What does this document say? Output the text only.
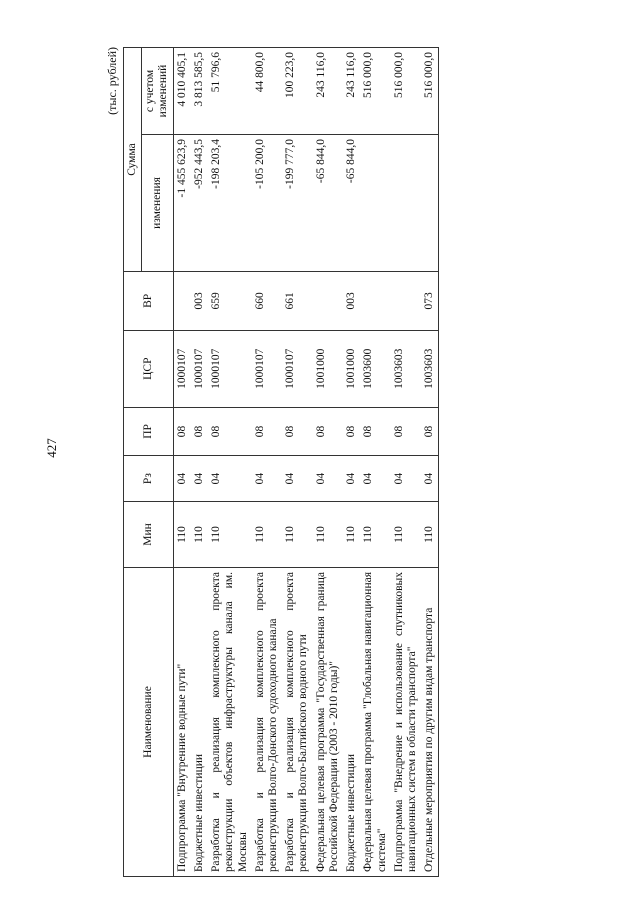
427
(тыс. рублей)
Наименование	Мин	Рз	ПР	ЦСР	ВР	Сумма	
						изменения	с учетом изменений
Подпрограмма "Внутренние водные пути"	110	04	08	1000107		-1 455 623,9	4 010 405,1
Бюджетные инвестиции	110	04	08	1000107	003	-952 443,5	3 813 585,5
Разработка и реализация комплексного проекта реконструкции объектов инфраструктуры канала им. Москвы	110	04	08	1000107	659	-198 203,4	51 796,6
Разработка и реализация комплексного проекта реконструкции Волго-Донского судоходного канала	110	04	08	1000107	660	-105 200,0	44 800,0
Разработка и реализация комплексного проекта реконструкции Волго-Балтийского водного пути	110	04	08	1000107	661	-199 777,0	100 223,0
Федеральная целевая программа "Государственная граница Российской Федерации (2003 - 2010 годы)"	110	04	08	1001000		-65 844,0	243 116,0
Бюджетные инвестиции	110	04	08	1001000	003	-65 844,0	243 116,0
Федеральная целевая программа "Глобальная навигационная система"	110	04	08	1003600			516 000,0
Подпрограмма "Внедрение и использование спутниковых навигационных систем в области транспорта"	110	04	08	1003603			516 000,0
Отдельные мероприятия по другим видам транспорта	110	04	08	1003603	073		516 000,0
